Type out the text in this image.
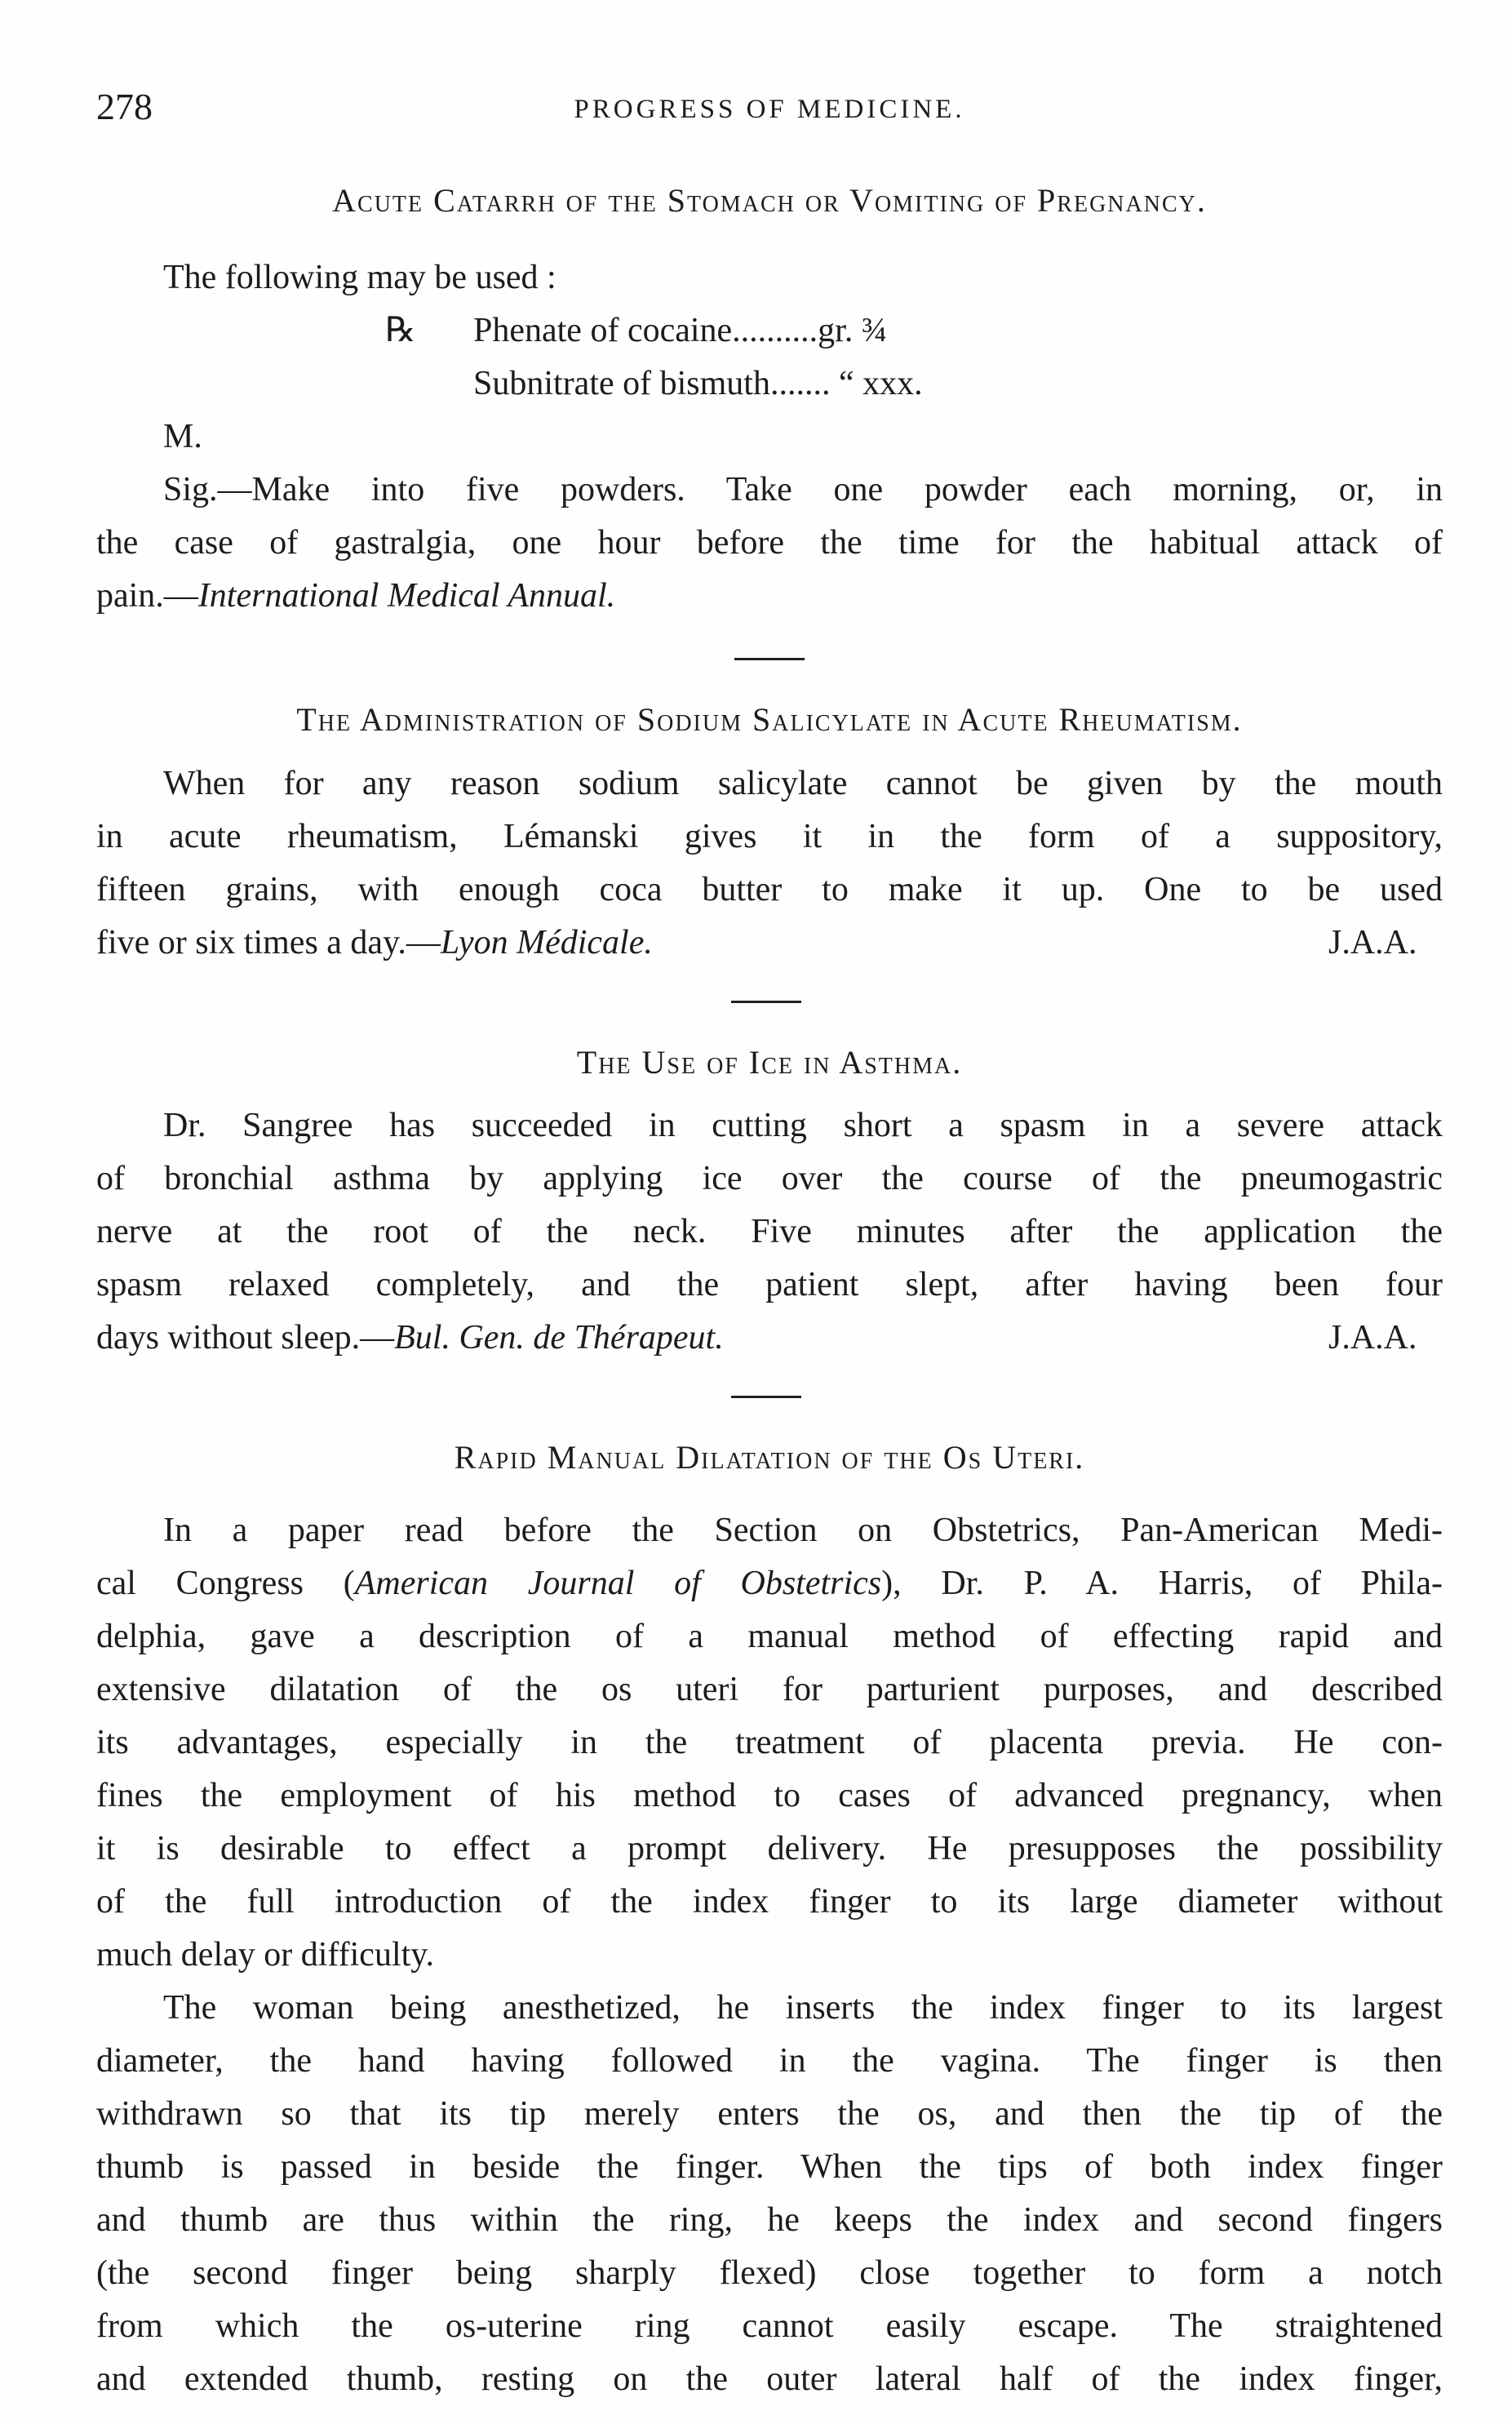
278	PROGRESS OF MEDICINE.
Acute Catarrh of the Stomach or Vomiting of Pregnancy.
The following may be used :
℞ Phenate of cocaine..........gr. ¾
Subnitrate of bismuth....... “ xxx.
M.
Sig.—Make into five powders. Take one powder each morning, or, in
the case of gastralgia, one hour before the time for the habitual attack of
pain.—International Medical Annual.
The Administration of Sodium Salicylate in Acute Rheumatism.
When for any reason sodium salicylate cannot be given by the mouth
in acute rheumatism, Lémanski gives it in the form of a suppository,
fifteen grains, with enough coca butter to make it up. One to be used
five or six times a day.—Lyon Médicale.	J.A.A.
The Use of Ice in Asthma.
Dr. Sangree has succeeded in cutting short a spasm in a severe attack
of bronchial asthma by applying ice over the course of the pneumogastric
nerve at the root of the neck. Five minutes after the application the
spasm relaxed completely, and the patient slept, after having been four
days without sleep.—Bul. Gen. de Thérapeut.	J.A.A.
Rapid Manual Dilatation of the Os Uteri.
In a paper read before the Section on Obstetrics, Pan-American Medi-
cal Congress (American Journal of Obstetrics), Dr. P. A. Harris, of Phila-
delphia, gave a description of a manual method of effecting rapid and
extensive dilatation of the os uteri for parturient purposes, and described
its advantages, especially in the treatment of placenta previa. He con-
fines the employment of his method to cases of advanced pregnancy, when
it is desirable to effect a prompt delivery. He presupposes the possibility
of the full introduction of the index finger to its large diameter without
much delay or difficulty.
The woman being anesthetized, he inserts the index finger to its largest
diameter, the hand having followed in the vagina. The finger is then
withdrawn so that its tip merely enters the os, and then the tip of the
thumb is passed in beside the finger. When the tips of both index finger
and thumb are thus within the ring, he keeps the index and second fingers
(the second finger being sharply flexed) close together to form a notch
from which the os-uterine ring cannot easily escape. The straightened
and extended thumb, resting on the outer lateral half of the index finger,
